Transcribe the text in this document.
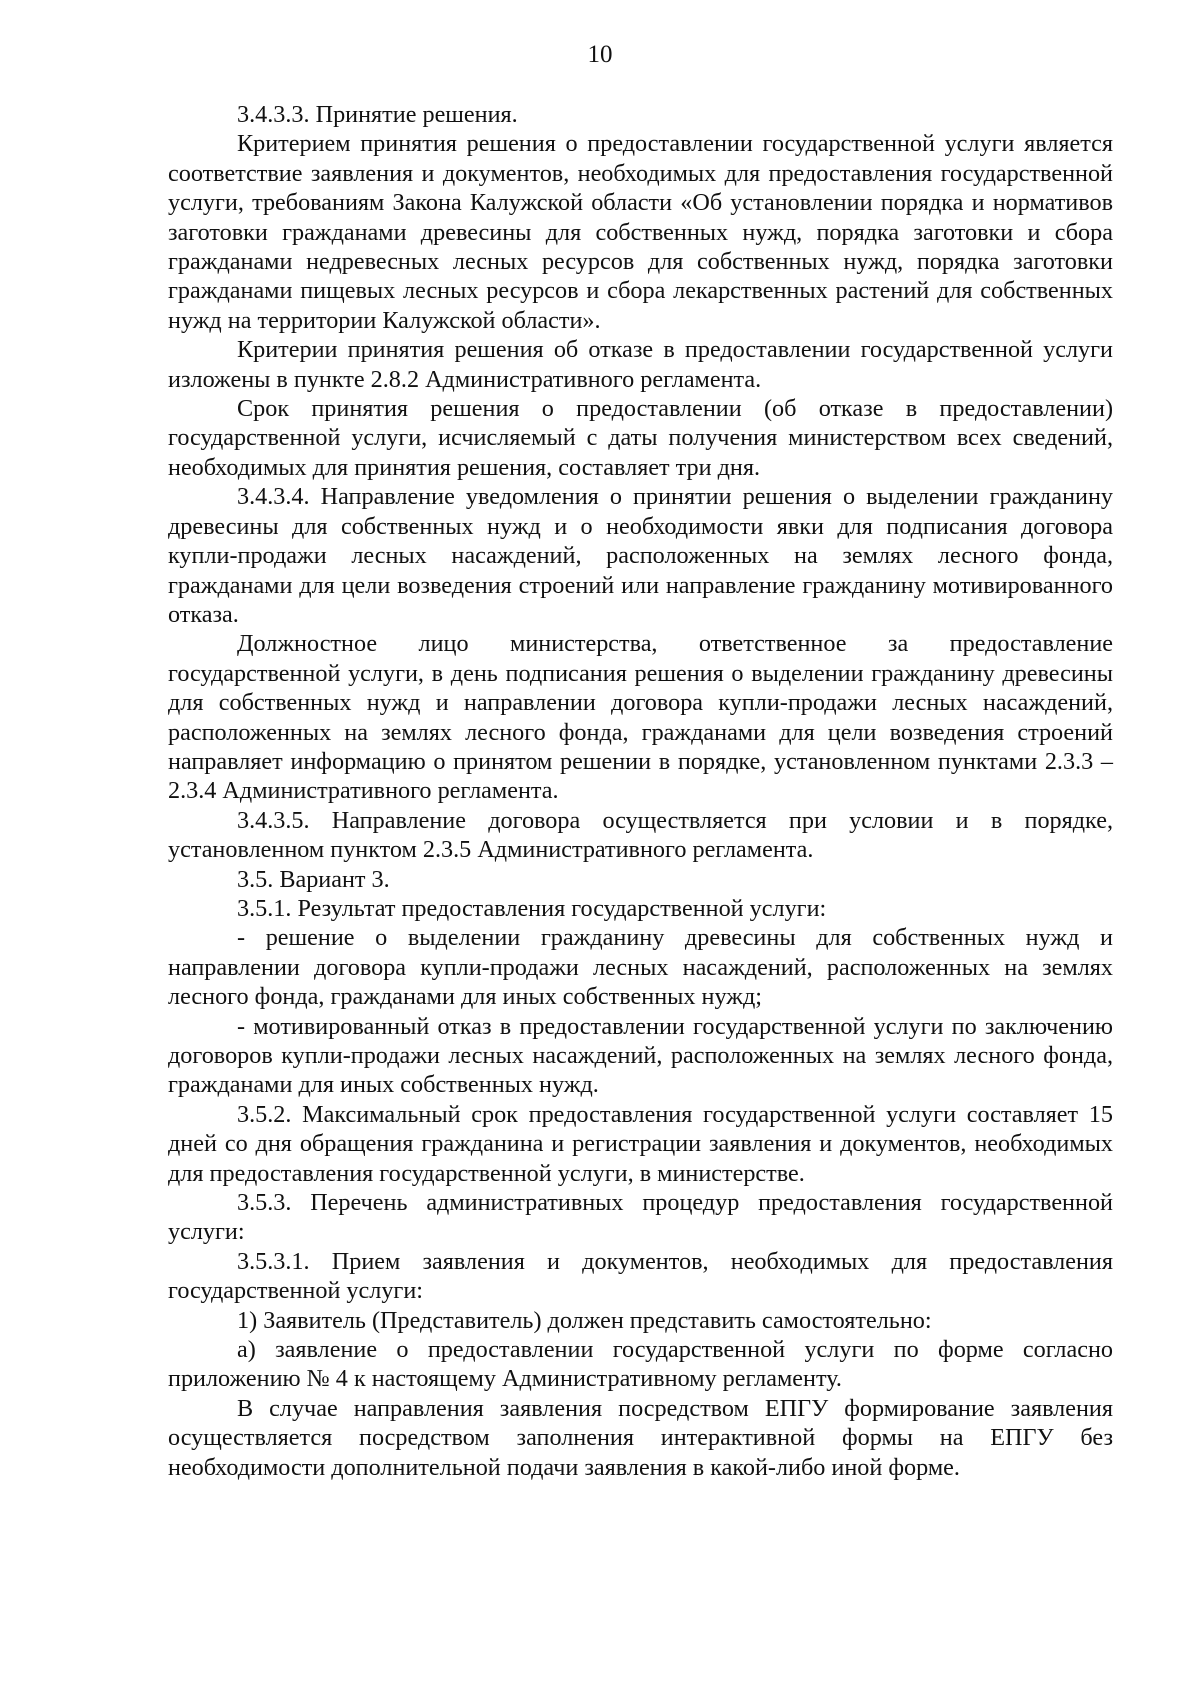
10

3.4.3.3. Принятие решения.

Критерием принятия решения о предоставлении государственной услуги является соответствие заявления и документов, необходимых для предоставления государственной услуги, требованиям Закона Калужской области «Об установлении порядка и нормативов заготовки гражданами древесины для собственных нужд, порядка заготовки и сбора гражданами недревесных лесных ресурсов для собственных нужд, порядка заготовки гражданами пищевых лесных ресурсов и сбора лекарственных растений для собственных нужд на территории Калужской области».

Критерии принятия решения об отказе в предоставлении государственной услуги изложены в пункте 2.8.2 Административного регламента.

Срок принятия решения о предоставлении (об отказе в предоставлении) государственной услуги, исчисляемый с даты получения министерством всех сведений, необходимых для принятия решения, составляет три дня.

3.4.3.4. Направление уведомления о принятии решения о выделении гражданину древесины для собственных нужд и о необходимости явки для подписания договора купли-продажи лесных насаждений, расположенных на землях лесного фонда, гражданами для цели возведения строений или направление гражданину мотивированного отказа.

Должностное лицо министерства, ответственное за предоставление государственной услуги, в день подписания решения о выделении гражданину древесины для собственных нужд и направлении договора купли-продажи лесных насаждений, расположенных на землях лесного фонда, гражданами для цели возведения строений направляет информацию о принятом решении в порядке, установленном пунктами 2.3.3 – 2.3.4 Административного регламента.

3.4.3.5. Направление договора осуществляется при условии и в порядке, установленном пунктом 2.3.5 Административного регламента.

3.5. Вариант 3.

3.5.1. Результат предоставления государственной услуги:

- решение о выделении гражданину древесины для собственных нужд и направлении договора купли-продажи лесных насаждений, расположенных на землях лесного фонда, гражданами для иных собственных нужд;

- мотивированный отказ в предоставлении государственной услуги по заключению договоров купли-продажи лесных насаждений, расположенных на землях лесного фонда, гражданами для иных собственных нужд.

3.5.2. Максимальный срок предоставления государственной услуги составляет 15 дней со дня обращения гражданина и регистрации заявления и документов, необходимых для предоставления государственной услуги, в министерстве.

3.5.3. Перечень административных процедур предоставления государственной услуги:

3.5.3.1. Прием заявления и документов, необходимых для предоставления государственной услуги:

1) Заявитель (Представитель) должен представить самостоятельно:

а) заявление о предоставлении государственной услуги по форме согласно приложению № 4 к настоящему Административному регламенту.

В случае направления заявления посредством ЕПГУ формирование заявления осуществляется посредством заполнения интерактивной формы на ЕПГУ без необходимости дополнительной подачи заявления в какой-либо иной форме.
